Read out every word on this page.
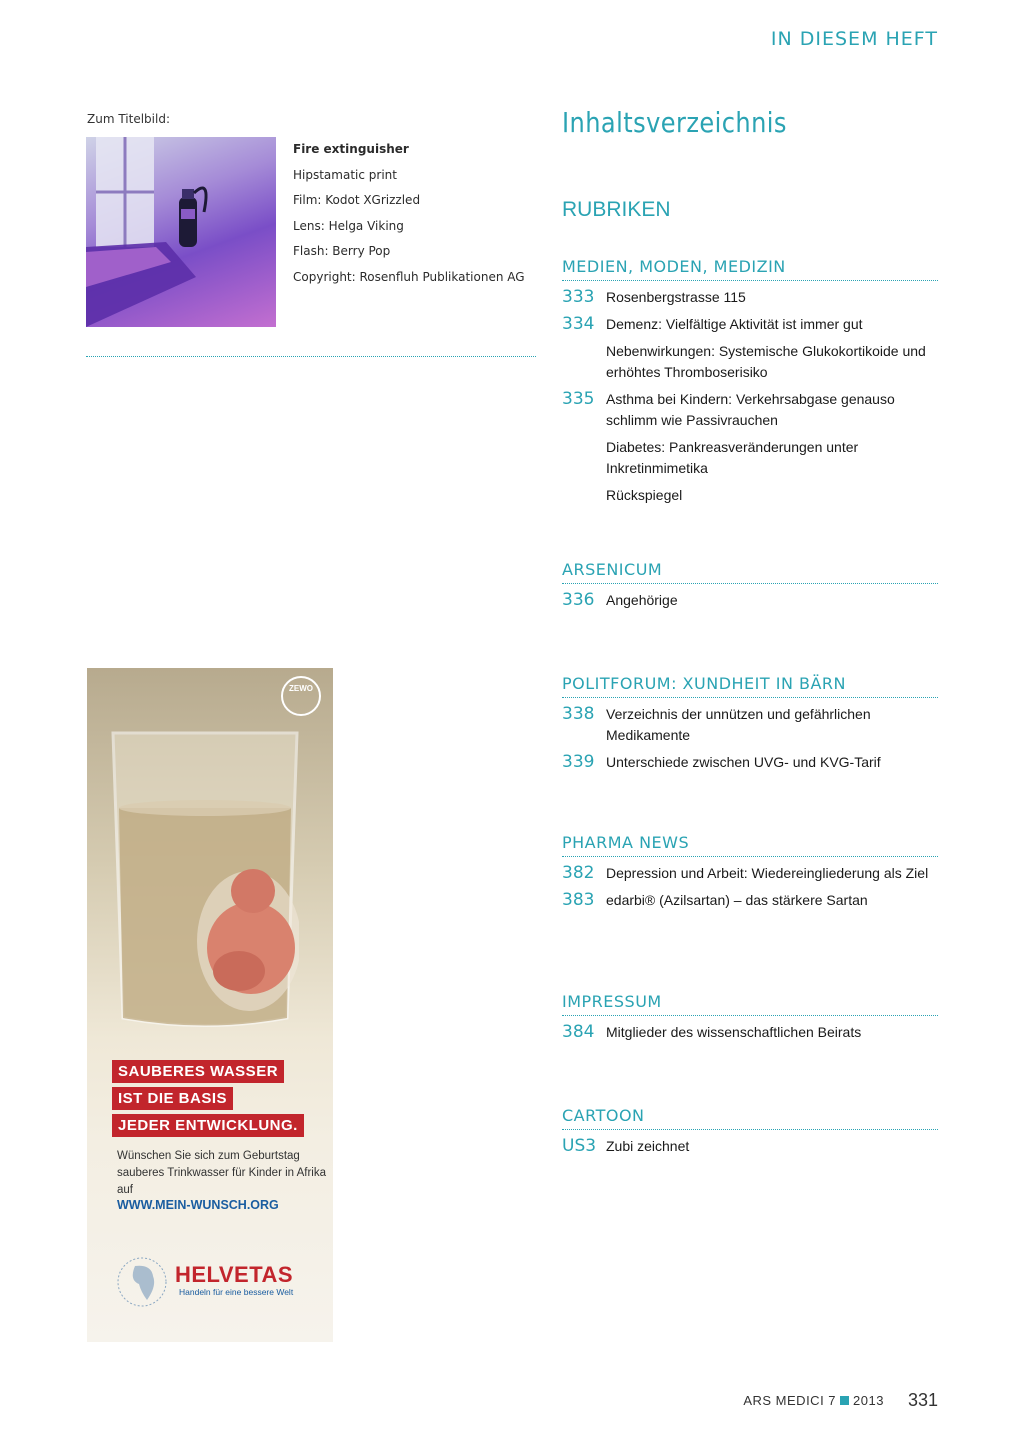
IN DIESEM HEFT
Zum Titelbild:
Fire extinguisher
Hipstamatic print
Film: Kodot XGrizzled
Lens: Helga Viking
Flash: Berry Pop
Copyright: Rosenfluh Publikationen AG
ZEWO
SAUBERES WASSER
IST DIE BASIS
JEDER ENTWICKLUNG.
Wünschen Sie sich zum Geburtstag sauberes Trinkwasser für Kinder in Afrika auf
WWW.MEIN-WUNSCH.ORG
HELVETAS
Handeln für eine bessere Welt
Inhaltsverzeichnis
RUBRIKEN
MEDIEN, MODEN, MEDIZIN
333 Rosenbergstrasse 115
334 Demenz: Vielfältige Aktivität ist immer gut
Nebenwirkungen: Systemische Glukokortikoide und erhöhtes Thromboserisiko
335 Asthma bei Kindern: Verkehrsabgase genauso schlimm wie Passivrauchen
Diabetes: Pankreasveränderungen unter Inkretinmimetika
Rückspiegel
ARSENICUM
336 Angehörige
POLITFORUM: XUNDHEIT IN BÄRN
338 Verzeichnis der unnützen und gefährlichen Medikamente
339 Unterschiede zwischen UVG- und KVG-Tarif
PHARMA NEWS
382 Depression und Arbeit: Wiedereingliederung als Ziel
383 edarbi® (Azilsartan) – das stärkere Sartan
IMPRESSUM
384 Mitglieder des wissenschaftlichen Beirats
CARTOON
US3 Zubi zeichnet
ARS MEDICI 7 2013 331
